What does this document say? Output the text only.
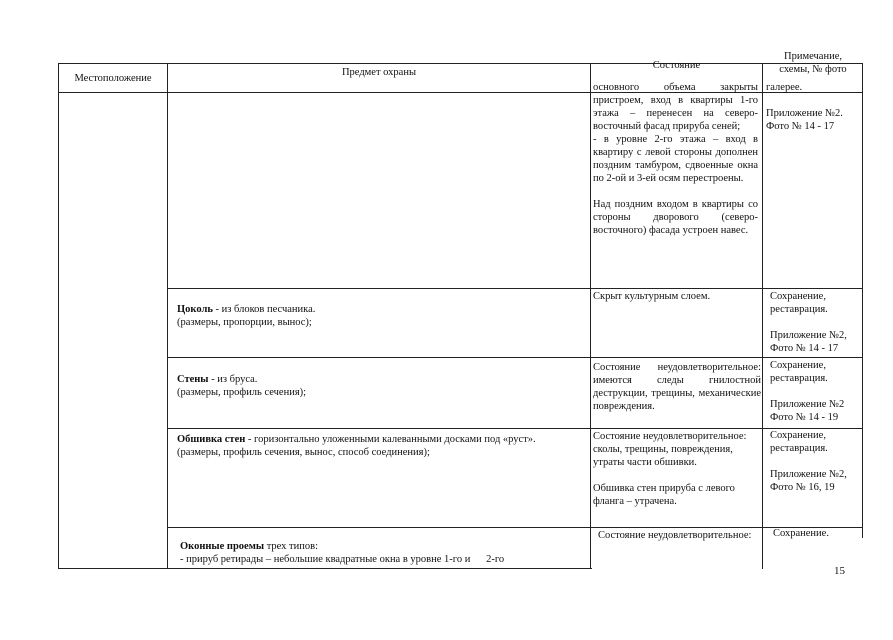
Местоположение
Предмет охраны
Состояние
Примечание,
схемы, № фото
основного объема закрыты пристроем, вход в квартиры 1-го этажа – перенесен на северо-восточный фасад прируба сеней;
- в уровне 2-го этажа – вход в квартиру с левой стороны дополнен поздним тамбуром, сдвоенные окна по 2-ой и 3-ей осям перестроены.

Над поздним входом в квартиры со стороны дворового (северо-восточного) фасада устроен навес.
галерее.

Приложение №2. Фото № 14 - 17
Цоколь - из блоков песчаника.
(размеры, пропорции, вынос);
Скрыт культурным слоем.	Сохранение, реставрация.

Приложение №2, Фото № 14 - 17
Стены - из бруса.
(размеры, профиль сечения);
Состояние неудовлетворительное: имеются следы гнилостной деструкции, трещины, механические повреждения.
Сохранение, реставрация.

Приложение №2 Фото № 14 - 19
Обшивка стен - горизонтально уложенными калеванными досками под «руст».
(размеры, профиль сечения, вынос, способ соединения);
Состояние неудовлетворительное: сколы, трещины, повреждения, утраты части обшивки.

Обшивка стен прируба с левого фланга – утрачена.
Сохранение, реставрация.

Приложение №2, Фото № 16, 19
Оконные проемы трех типов:
- прируб ретирады – небольшие квадратные окна в уровне 1-го и      2-го
Состояние неудовлетворительное:	Сохранение.
15
